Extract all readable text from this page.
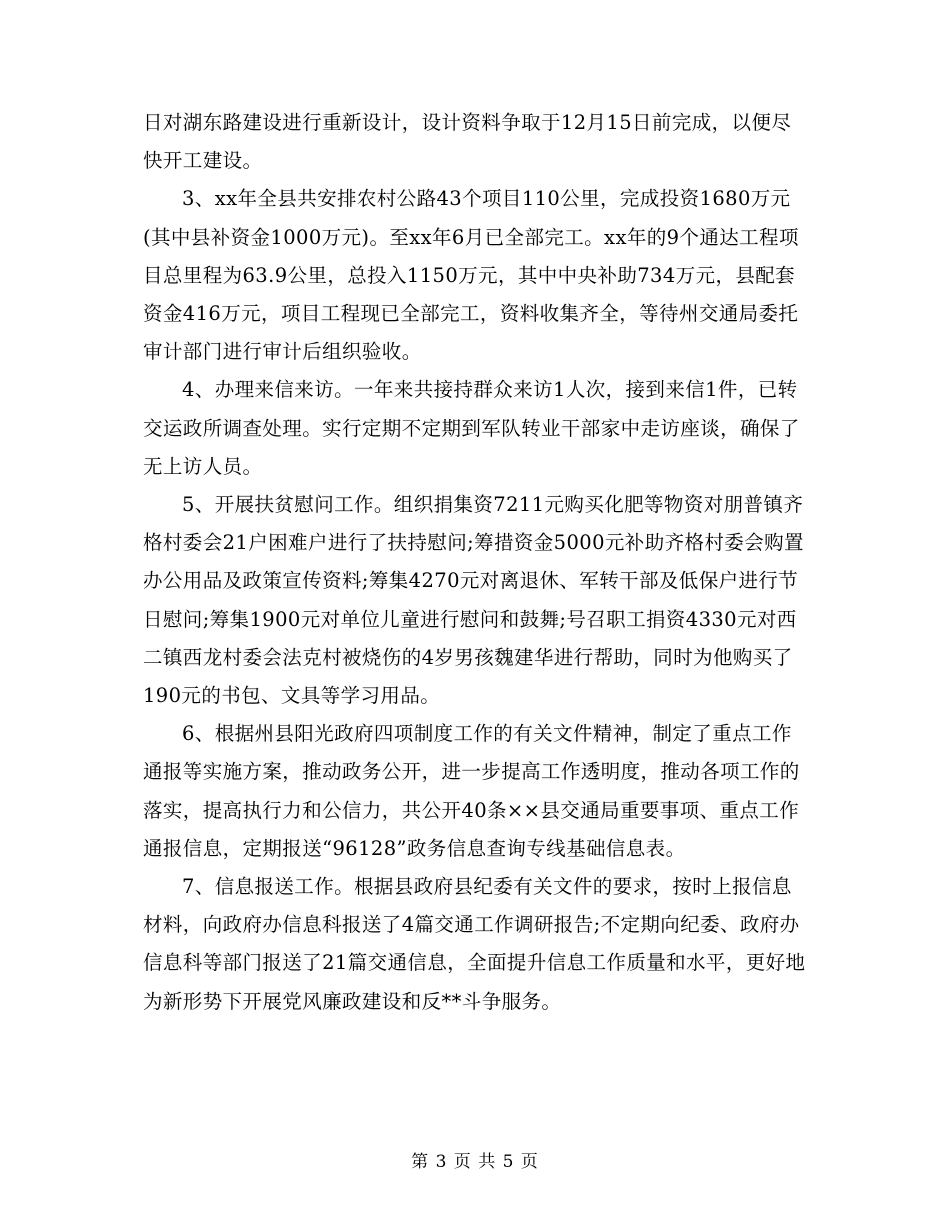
日对湖东路建设进行重新设计，设计资料争取于12月15日前完成，以便尽快开工建设。

3、xx年全县共安排农村公路43个项目110公里，完成投资1680万元(其中县补资金1000万元)。至xx年6月已全部完工。xx年的9个通达工程项目总里程为63.9公里，总投入1150万元，其中中央补助734万元，县配套资金416万元，项目工程现已全部完工，资料收集齐全，等待州交通局委托审计部门进行审计后组织验收。

4、办理来信来访。一年来共接持群众来访1人次，接到来信1件，已转交运政所调查处理。实行定期不定期到军队转业干部家中走访座谈，确保了无上访人员。

5、开展扶贫慰问工作。组织捐集资7211元购买化肥等物资对朋普镇齐格村委会21户困难户进行了扶持慰问;筹措资金5000元补助齐格村委会购置办公用品及政策宣传资料;筹集4270元对离退休、军转干部及低保户进行节日慰问;筹集1900元对单位儿童进行慰问和鼓舞;号召职工捐资4330元对西二镇西龙村委会法克村被烧伤的4岁男孩魏建华进行帮助，同时为他购买了190元的书包、文具等学习用品。

6、根据州县阳光政府四项制度工作的有关文件精神，制定了重点工作通报等实施方案，推动政务公开，进一步提高工作透明度，推动各项工作的落实，提高执行力和公信力，共公开40条××县交通局重要事项、重点工作通报信息，定期报送“96128”政务信息查询专线基础信息表。

7、信息报送工作。根据县政府县纪委有关文件的要求，按时上报信息材料，向政府办信息科报送了4篇交通工作调研报告;不定期向纪委、政府办信息科等部门报送了21篇交通信息，全面提升信息工作质量和水平，更好地为新形势下开展党风廉政建设和反**斗争服务。

第 3 页 共 5 页
